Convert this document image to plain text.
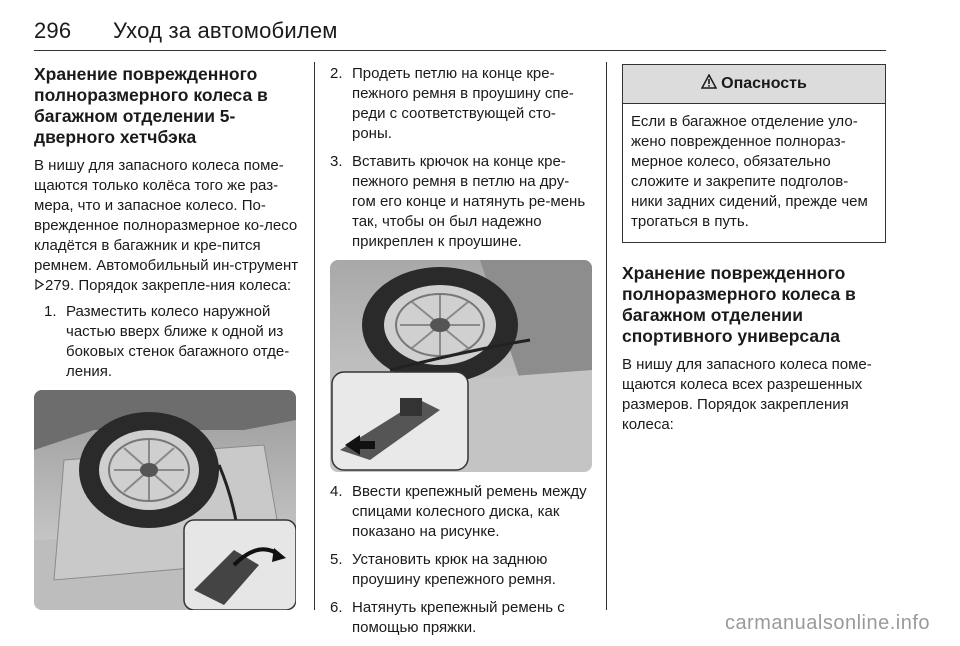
296 Уход за автомобилем
Хранение поврежденного полноразмерного колеса в багажном отделении 5-дверного хетчбэка

В нишу для запасного колеса поме-щаются только колёса того же раз-мера, что и запасное колесо. По-врежденное полноразмерное ко-лесо кладётся в багажник и кре-пится ремнем. Автомобильный ин-струмент 279. Порядок закрепле-ния колеса:

1. Разместить колесо наружной частью вверх ближе к одной из боковых стенок багажного отде-ления.
2. Продеть петлю на конце кре-пежного ремня в проушину спе-реди с соответствующей сто-роны.
3. Вставить крючок на конце кре-пежного ремня в петлю на дру-гом его конце и натянуть ре-мень так, чтобы он был надежно прикреплен к проушине.
4. Ввести крепежный ремень между спицами колесного диска, как показано на рисунке.
5. Установить крюк на заднюю проушину крепежного ремня.
6. Натянуть крепежный ремень с помощью пряжки.
Опасность
Если в багажное отделение уло-жено поврежденное полнораз-мерное колесо, обязательно сложите и закрепите подголов-ники задних сидений, прежде чем трогаться в путь.
Хранение поврежденного полноразмерного колеса в багажном отделении спортивного универсала

В нишу для запасного колеса поме-щаются колеса всех разрешенных размеров. Порядок закрепления колеса:

carmanualsonline.info
